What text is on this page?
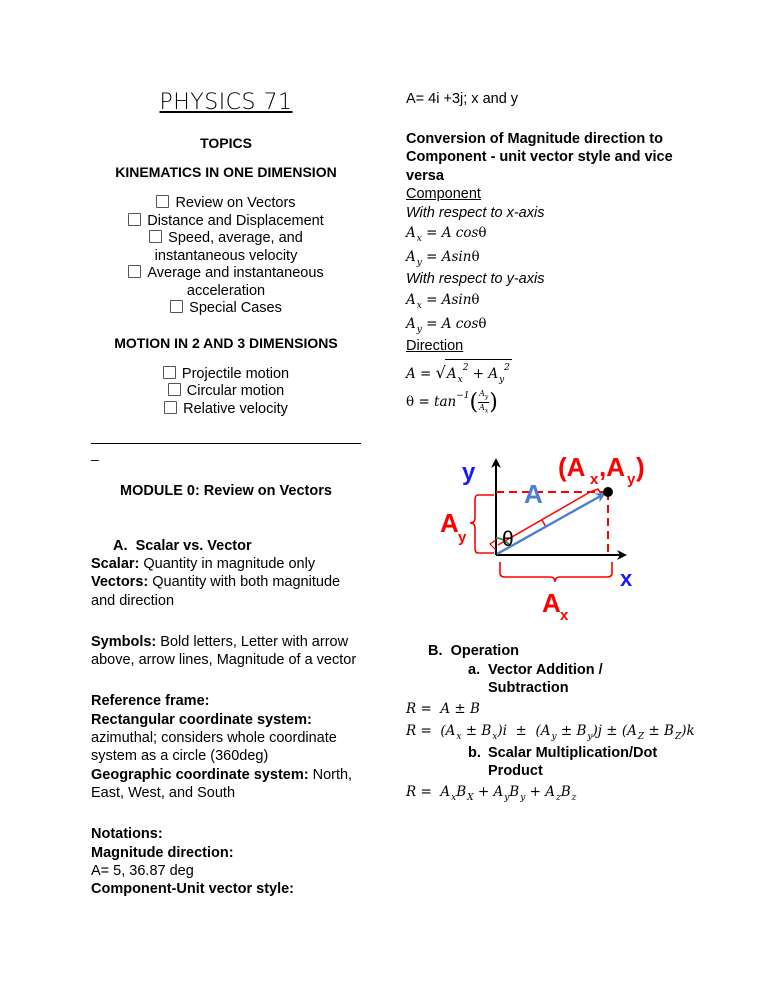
PHYSICS 71
TOPICS
KINEMATICS IN ONE DIMENSION
Review on Vectors
Distance and Displacement
Speed, average, and
instantaneous velocity
Average and instantaneous
acceleration
Special Cases
MOTION IN 2 AND 3 DIMENSIONS
Projectile motion
Circular motion
Relative velocity
_
MODULE 0: Review on Vectors
A. Scalar vs. Vector
Scalar: Quantity in magnitude only
Vectors: Quantity with both magnitude and direction
Symbols: Bold letters, Letter with arrow above, arrow lines, Magnitude of a vector
Reference frame:
Rectangular coordinate system:
azimuthal; considers whole coordinate system as a circle (360deg)
Geographic coordinate system: North, East, West, and South
Notations:
Magnitude direction:
A= 5, 36.87 deg
Component-Unit vector style:
A= 4i +3j; x and y
Conversion of Magnitude direction to Component - unit vector style and vice versa
Component
With respect to x-axis
$A_x = A$ cosθ
$A_y = Asin\theta$
With respect to y-axis
$A_x = Asin\theta$
$A_y = A$ cosθ
Direction
$A = √A_x^2 + A_y^2$
$\theta = \tan^{-1}( \frac{A_y}{A_x})$
y
x
A
θ
(A x ,A y )
A y
A x
B. Operation
a. Vector Addition /
Subtraction
R =  A ± B
$R = (A_x \pm B_x)i \pm (A_y \pm B_y)j \pm (A_Z \pm B_Z)k$
b. Scalar Multiplication/Dot
Product
$R = A_xB_X + A_yB_y + A_zB_z$
